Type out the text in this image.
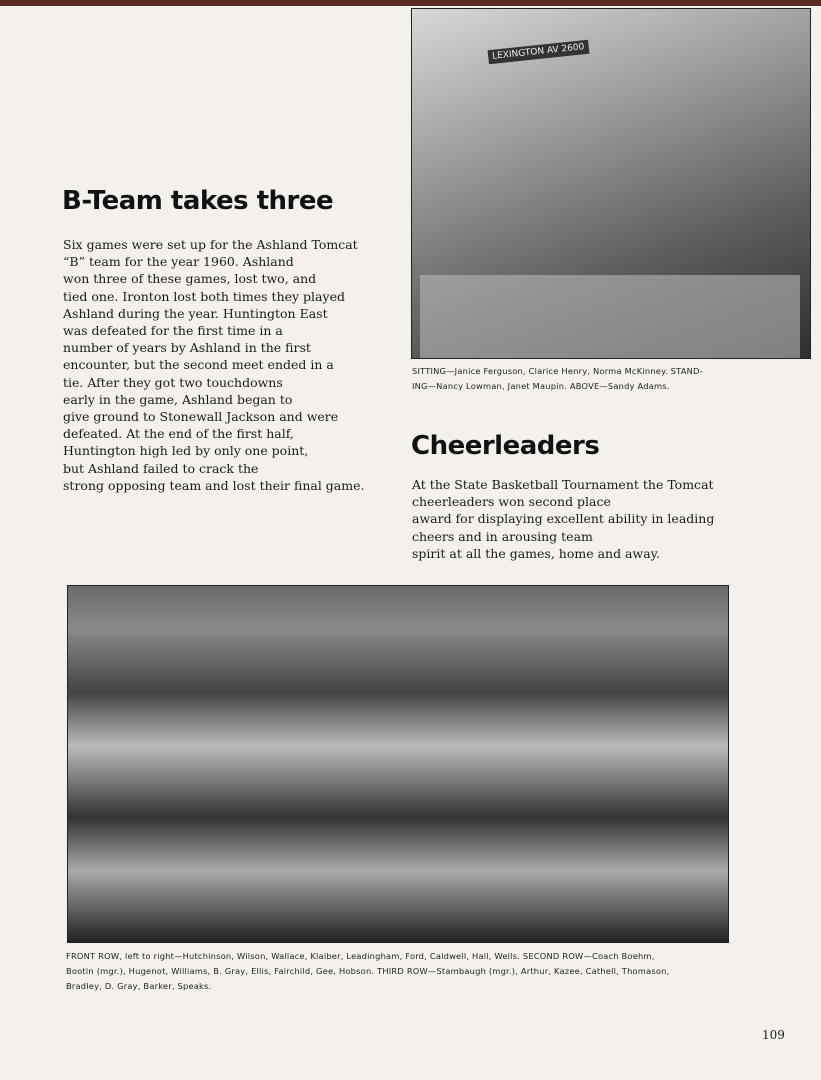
B-Team takes three
Six games were set up for the Ashland Tomcat
“B” team for the year 1960. Ashland
won three of these games, lost two, and
tied one. Ironton lost both times they played
Ashland during the year. Huntington East
was defeated for the first time in a
number of years by Ashland in the first
encounter, but the second meet ended in a
tie. After they got two touchdowns
early in the game, Ashland began to
give ground to Stonewall Jackson and were
defeated. At the end of the first half,
Huntington high led by only one point,
but Ashland failed to crack the
strong opposing team and lost their final game.
LEXINGTON AV 2600
SITTING—Janice Ferguson, Clarice Henry, Norma McKinney. STAND-
ING—Nancy Lowman, Janet Maupin. ABOVE—Sandy Adams.
Cheerleaders
At the State Basketball Tournament the Tomcat
cheerleaders won second place
award for displaying excellent ability in leading
cheers and in arousing team
spirit at all the games, home and away.
FRONT ROW, left to right—Hutchinson, Wilson, Wallace, Klaiber, Leadingham, Ford, Caldwell, Hall, Wells. SECOND ROW—Coach Boehm,
Bootin (mgr.), Hugenot, Williams, B. Gray, Ellis, Fairchild, Gee, Hobson. THIRD ROW—Stambaugh (mgr.), Arthur, Kazee, Cathell, Thomason,
Bradley, D. Gray, Barker, Speaks.
109
